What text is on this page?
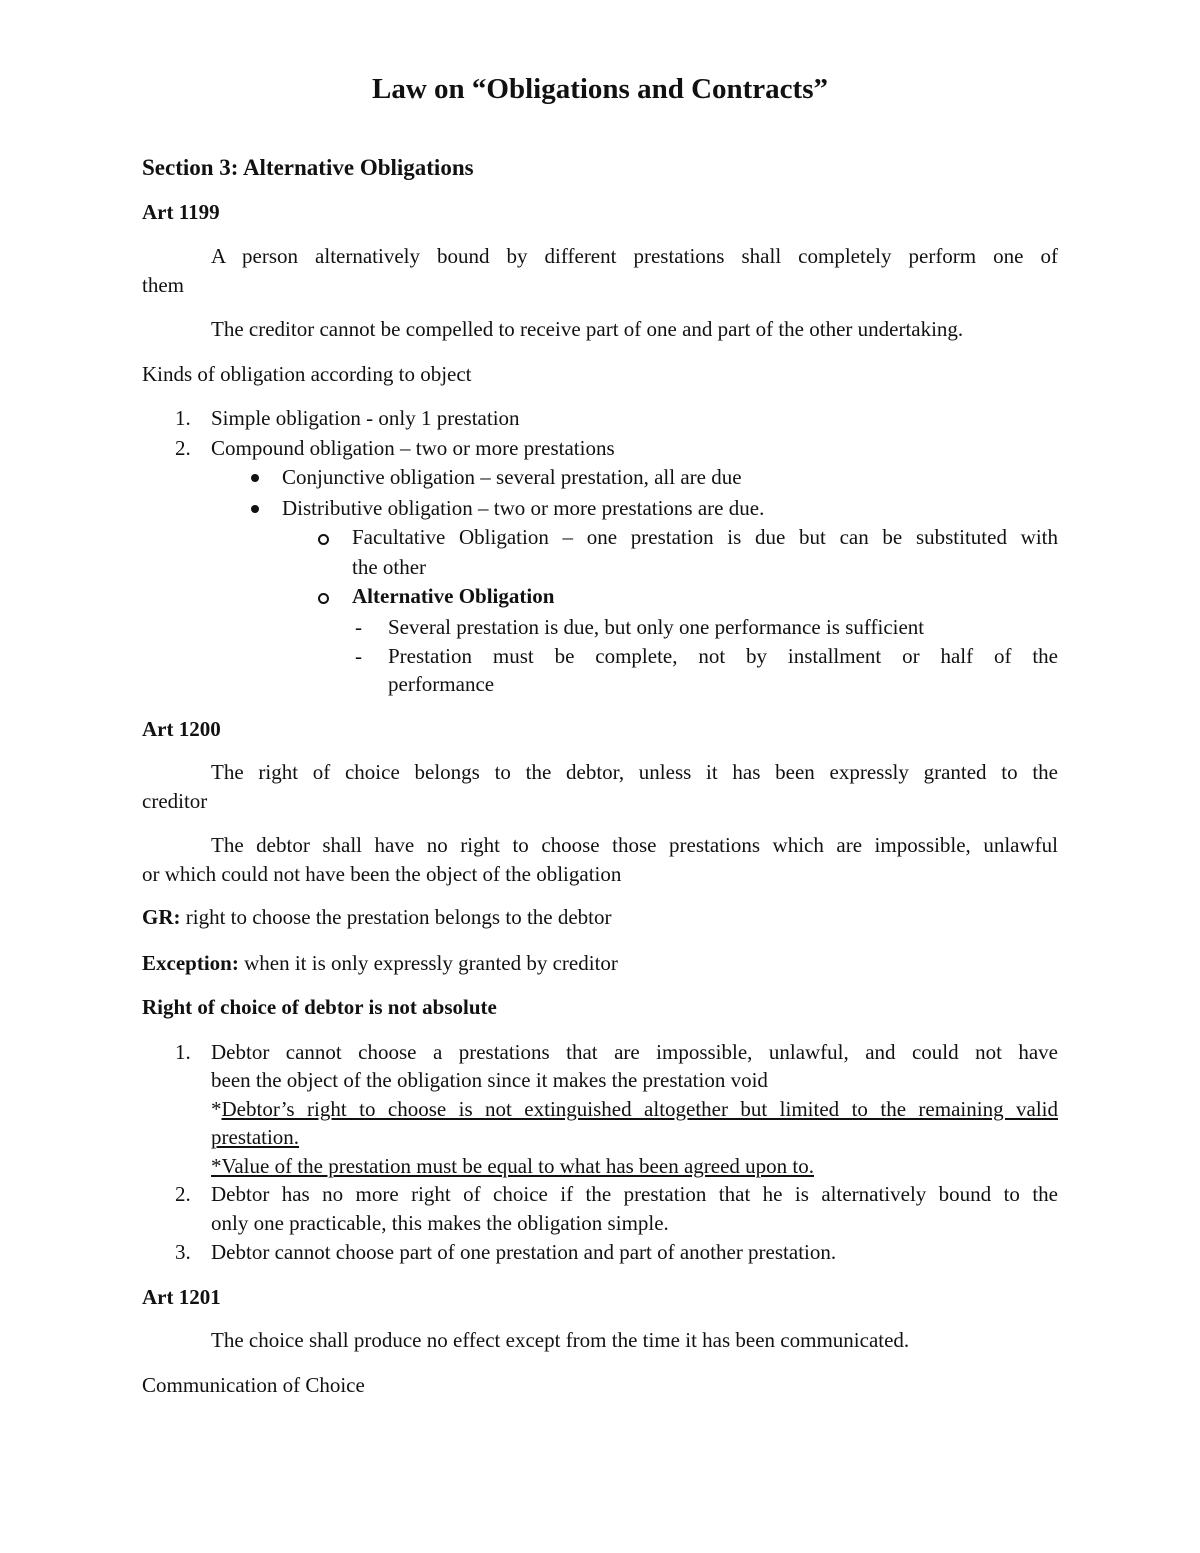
Law on “Obligations and Contracts”
Section 3: Alternative Obligations
Art 1199
A person alternatively bound by different prestations shall completely perform one of
them
The creditor cannot be compelled to receive part of one and part of the other undertaking.
Kinds of obligation according to object
1. Simple obligation - only 1 prestation
2. Compound obligation – two or more prestations
Conjunctive obligation – several prestation, all are due
Distributive obligation – two or more prestations are due.
Facultative Obligation – one prestation is due but can be substituted with
the other
Alternative Obligation
- Several prestation is due, but only one performance is sufficient
- Prestation must be complete, not by installment or half of the
performance
Art 1200
The right of choice belongs to the debtor, unless it has been expressly granted to the
creditor
The debtor shall have no right to choose those prestations which are impossible, unlawful
or which could not have been the object of the obligation
GR: right to choose the prestation belongs to the debtor
Exception: when it is only expressly granted by creditor
Right of choice of debtor is not absolute
1. Debtor cannot choose a prestations that are impossible, unlawful, and could not have
been the object of the obligation since it makes the prestation void
*Debtor’s right to choose is not extinguished altogether but limited to the remaining valid
prestation.
*Value of the prestation must be equal to what has been agreed upon to.
2. Debtor has no more right of choice if the prestation that he is alternatively bound to the
only one practicable, this makes the obligation simple.
3. Debtor cannot choose part of one prestation and part of another prestation.
Art 1201
The choice shall produce no effect except from the time it has been communicated.
Communication of Choice
